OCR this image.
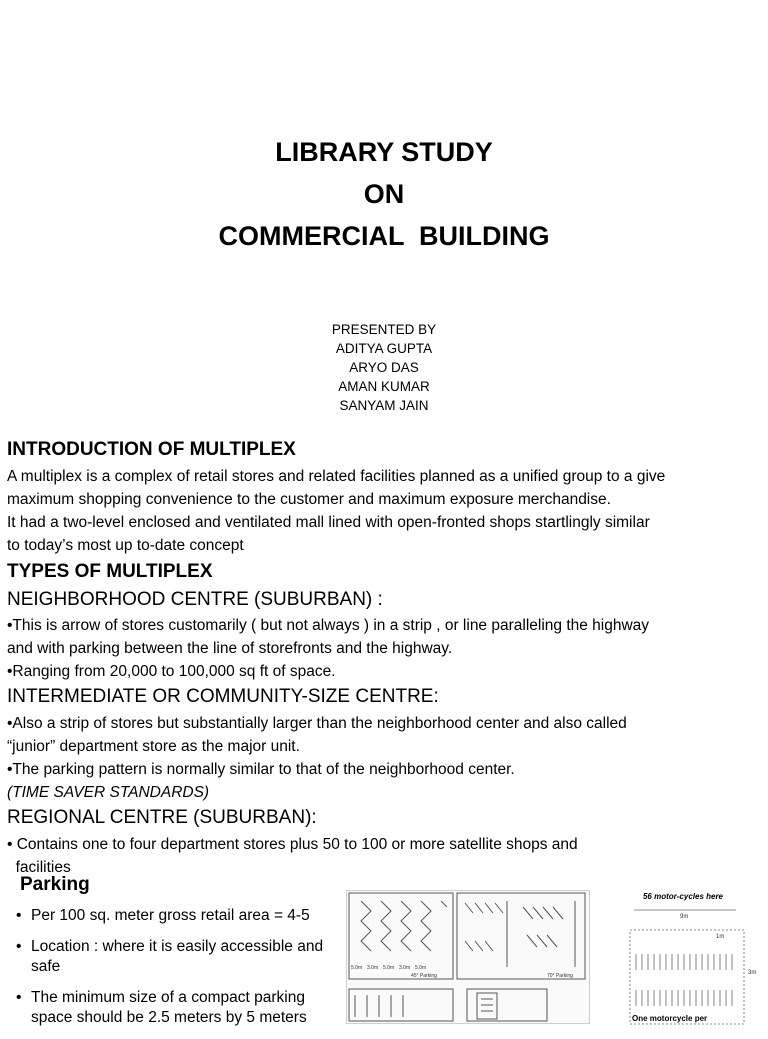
LIBRARY STUDY
ON
COMMERCIAL  BUILDING
PRESENTED BY
ADITYA GUPTA
ARYO DAS
AMAN KUMAR
SANYAM JAIN
INTRODUCTION OF MULTIPLEX
A multiplex is a complex of retail stores and related facilities planned as a unified group to a give
maximum shopping convenience to the customer and maximum exposure merchandise.
It had a two-level enclosed and ventilated mall lined with open-fronted shops startlingly similar
to today’s most up to-date concept
TYPES OF MULTIPLEX
NEIGHBORHOOD CENTRE (SUBURBAN) :
•This is arrow of stores customarily ( but not always ) in a strip , or line paralleling the highway
and with parking between the line of storefronts and the highway.
•Ranging from 20,000 to 100,000 sq ft of space.
INTERMEDIATE OR COMMUNITY-SIZE CENTRE:
•Also a strip of stores but substantially larger than the neighborhood center and also called
“junior” department store as the major unit.
•The parking pattern is normally similar to that of the neighborhood center.
(TIME SAVER STANDARDS)
REGIONAL CENTRE (SUBURBAN):
• Contains one to four department stores plus 50 to 100 or more satellite shops and
facilities
Parking
• Per 100 sq. meter gross retail area = 4-5
• Location : where it is easily accessible and safe
• The minimum size of a compact parking space should be 2.5 meters by 5 meters
5.0m 3.0m 5.0m 3.0m 5.0m
45° Parking	70° Parking
56 motor-cycles here
9m
1m
3m
One motorcycle per
